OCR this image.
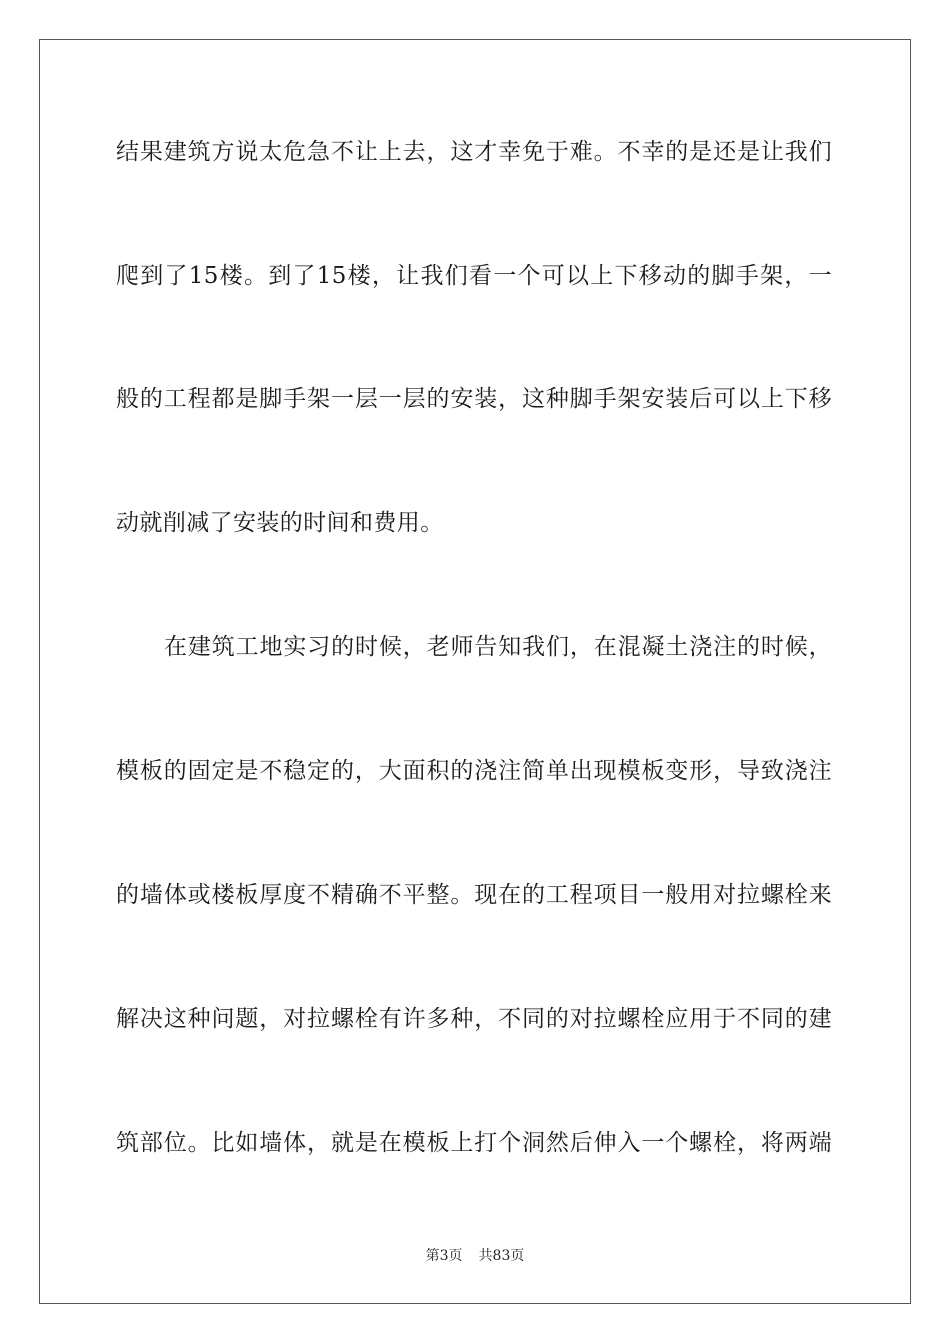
结果建筑方说太危急不让上去，这才幸免于难。不幸的是还是让我们
爬到了15楼。到了15楼，让我们看一个可以上下移动的脚手架，一
般的工程都是脚手架一层一层的安装，这种脚手架安装后可以上下移
动就削减了安装的时间和费用。
在建筑工地实习的时候，老师告知我们，在混凝土浇注的时候，
模板的固定是不稳定的，大面积的浇注简单出现模板变形，导致浇注
的墙体或楼板厚度不精确不平整。现在的工程项目一般用对拉螺栓来
解决这种问题，对拉螺栓有许多种，不同的对拉螺栓应用于不同的建
筑部位。比如墙体，就是在模板上打个洞然后伸入一个螺栓，将两端
第3页 共83页
